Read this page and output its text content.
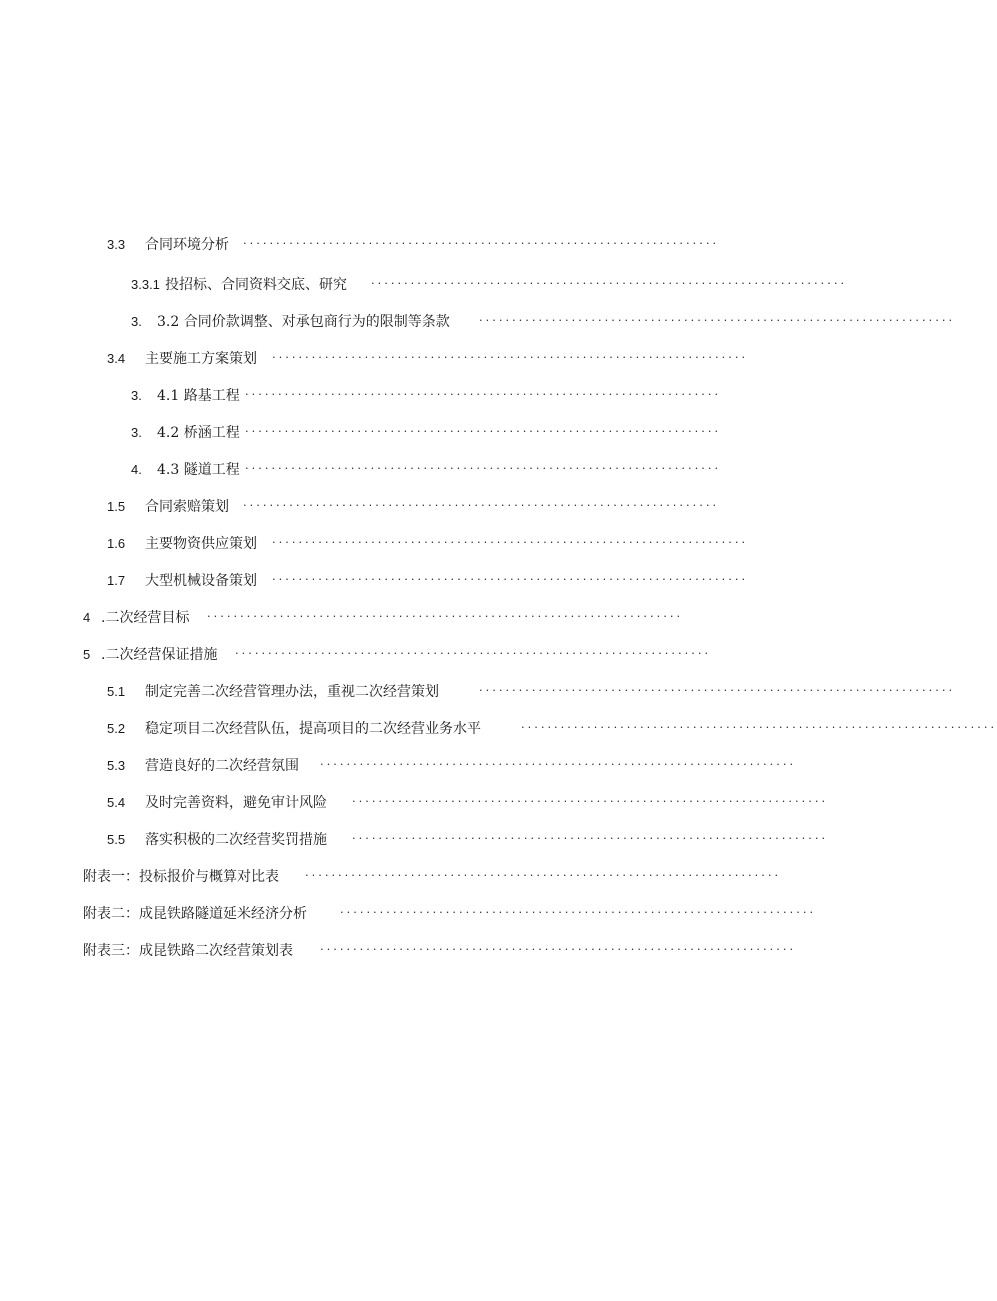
3.3 合同环境分析 ........................................................................
3.3.1 投招标、合同资料交底、研究 ........................................................................
3. 3.2 合同价款调整、对承包商行为的限制等条款 ........................................................................
3.4 主要施工方案策划 ........................................................................
3. 4.1 路基工程 ........................................................................
3. 4.2 桥涵工程 ........................................................................
4. 4.3 隧道工程 ........................................................................
1.5 合同索赔策划 ........................................................................
1.6 主要物资供应策划 ........................................................................
1.7 大型机械设备策划 ........................................................................
4 .二次经营目标 ........................................................................
5 .二次经营保证措施 ........................................................................
5.1 制定完善二次经营管理办法，重视二次经营策划	........................................................................
5.2 稳定项目二次经营队伍，提高项目的二次经营业务水平	........................................................................
5.3 营造良好的二次经营氛围 ........................................................................
5.4 及时完善资料，避免审计风险 ........................................................................
5.5 落实积极的二次经营奖罚措施 ........................................................................
附表一：投标报价与概算对比表 ........................................................................
附表二：成昆铁路隧道延米经济分析	........................................................................
附表三：成昆铁路二次经营策划表 ........................................................................
